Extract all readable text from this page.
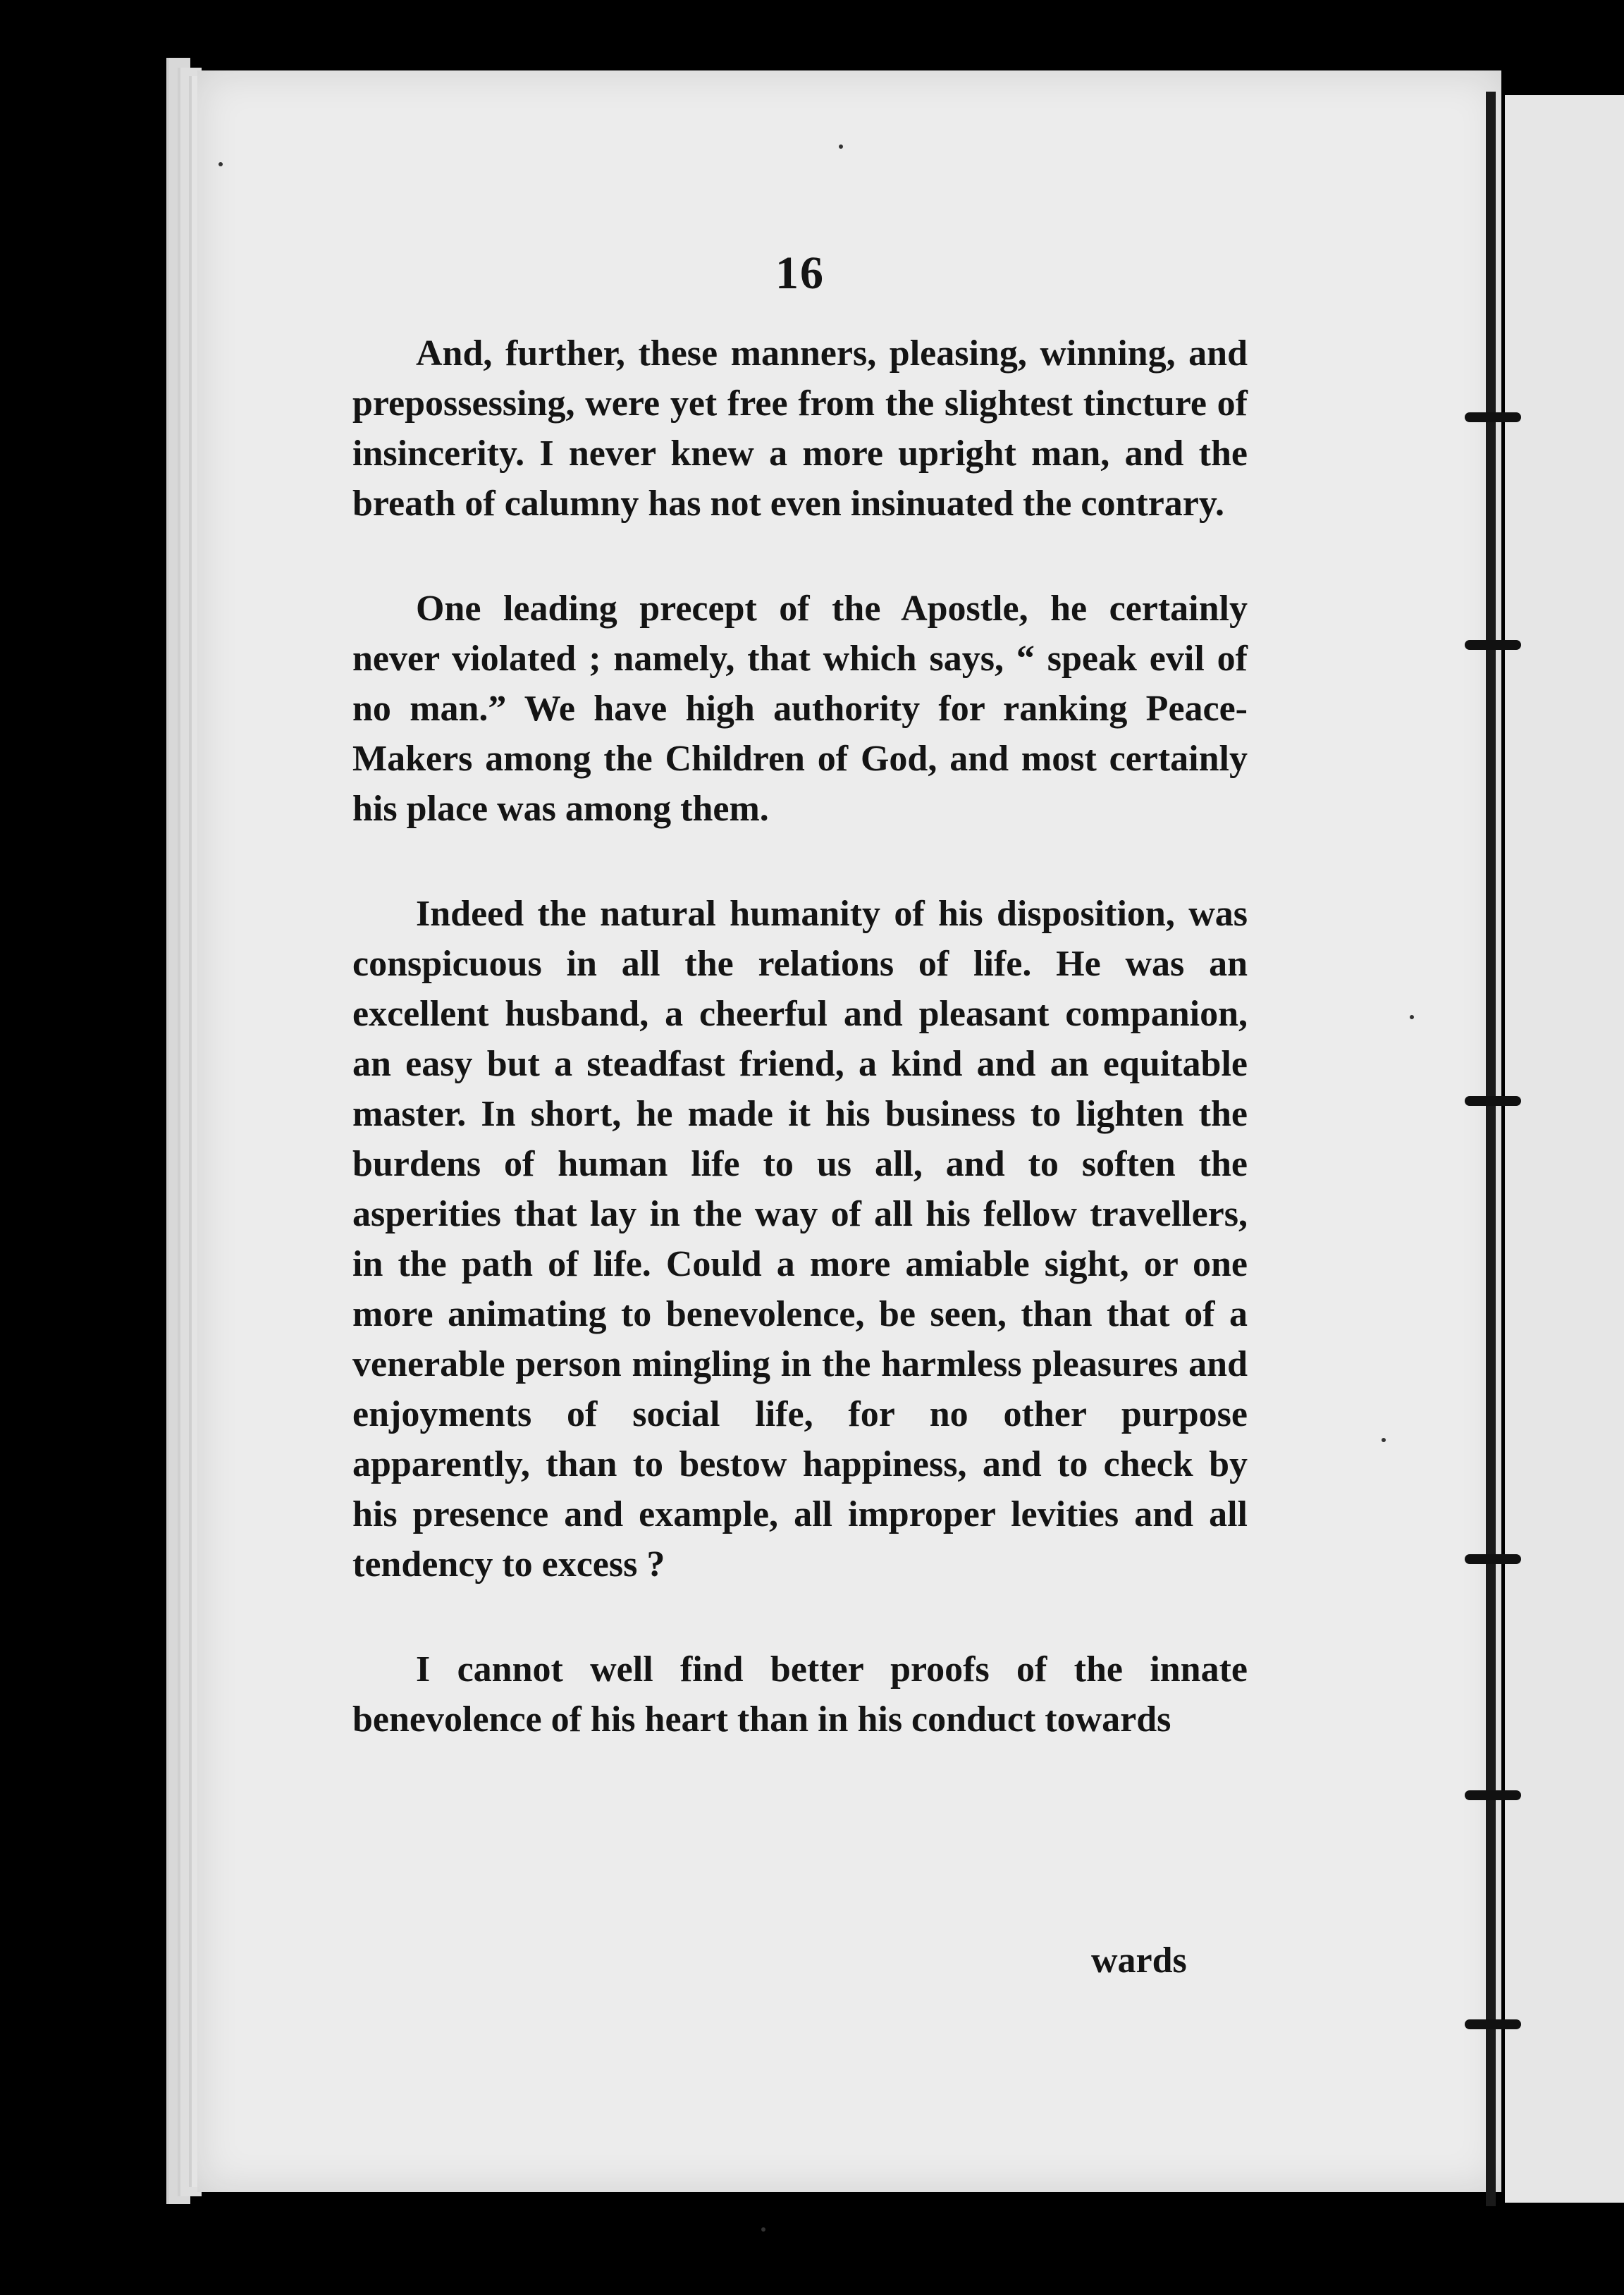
16

And, further, these manners, pleasing, winning, and prepossessing, were yet free from the slightest tincture of insincerity. I never knew a more upright man, and the breath of calumny has not even insinuated the contrary.

One leading precept of the Apostle, he certainly never violated ; namely, that which says, “ speak evil of no man.” We have high authority for ranking Peace-Makers among the Children of God, and most certainly his place was among them.

Indeed the natural humanity of his disposition, was conspicuous in all the relations of life. He was an excellent husband, a cheerful and pleasant companion, an easy but a steadfast friend, a kind and an equitable master. In short, he made it his business to lighten the burdens of human life to us all, and to soften the asperities that lay in the way of all his fellow travellers, in the path of life. Could a more amiable sight, or one more animating to benevolence, be seen, than that of a venerable person mingling in the harmless pleasures and enjoyments of social life, for no other purpose apparently, than to bestow happiness, and to check by his presence and example, all improper levities and all tendency to excess ?

I cannot well find better proofs of the innate benevolence of his heart than in his conduct towards

wards
